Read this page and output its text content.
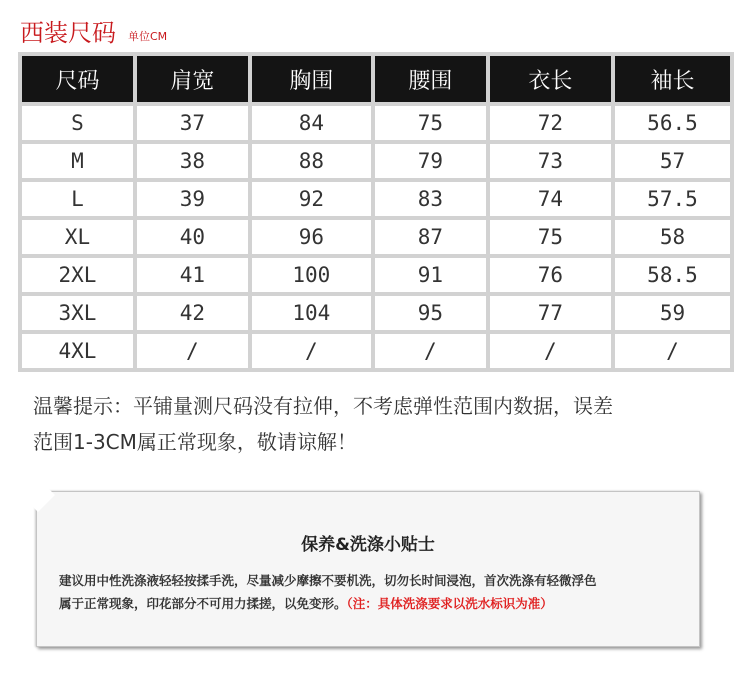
西装尺码 单位CM
尺码	肩宽	胸围	腰围	衣长	袖长
S	37	84	75	72	56.5
M	38	88	79	73	57
L	39	92	83	74	57.5
XL	40	96	87	75	58
2XL	41	100	91	76	58.5
3XL	42	104	95	77	59
4XL	/	/	/	/	/
温馨提示：平铺量测尺码没有拉伸，不考虑弹性范围内数据，误差
范围1-3CM属正常现象，敬请谅解！
保养&洗涤小贴士
建议用中性洗涤液轻轻按揉手洗，尽量减少摩擦不要机洗，切勿长时间浸泡，首次洗涤有轻微浮色
属于正常现象，印花部分不可用力揉搓，以免变形。（注：具体洗涤要求以洗水标识为准）
